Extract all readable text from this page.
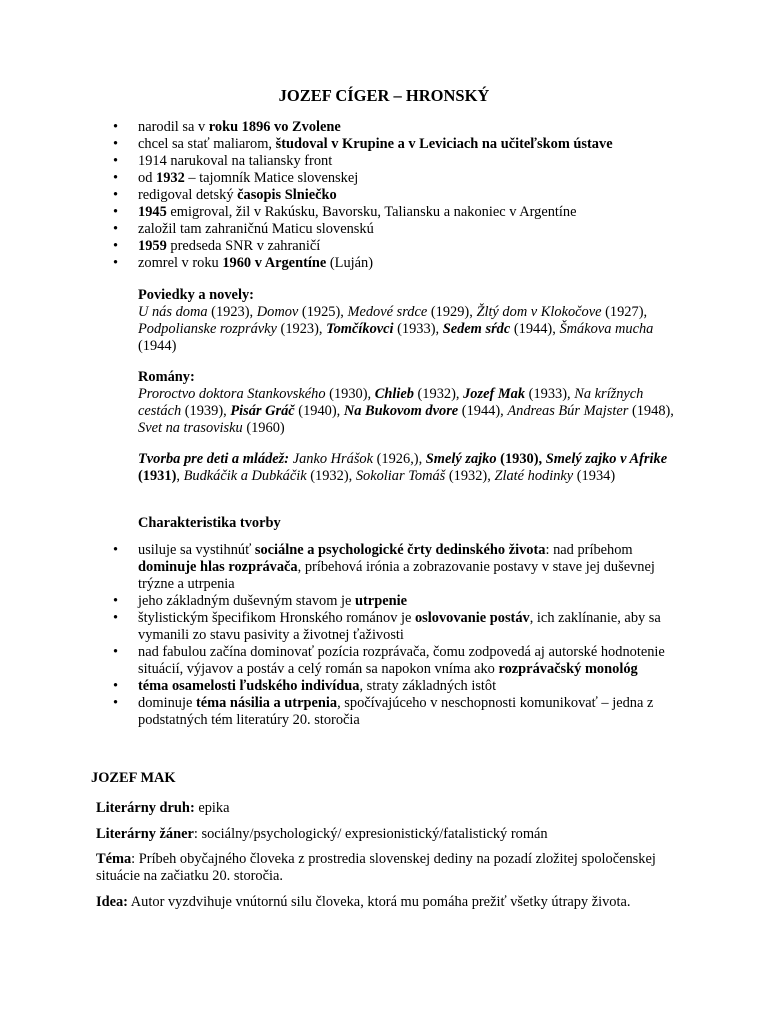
JOZEF CÍGER – HRONSKÝ
• narodil sa v roku 1896 vo Zvolene
• chcel sa stať maliarom, študoval v Krupine a v Leviciach na učiteľskom ústave
• 1914 narukoval na taliansky front
• od 1932 – tajomník Matice slovenskej
• redigoval detský časopis Slniečko
• 1945 emigroval, žil v Rakúsku, Bavorsku, Taliansku a nakoniec v Argentíne
• založil tam zahraničnú Maticu slovenskú
• 1959 predseda SNR v zahraničí
• zomrel v roku 1960 v Argentíne (Luján)
Poviedky a novely:
U nás doma (1923), Domov (1925), Medové srdce (1929), Žltý dom v Klokočove (1927), Podpolianske rozprávky (1923), Tomčíkovci (1933), Sedem sŕdc (1944), Šmákova mucha (1944)
Romány:
Proroctvo doktora Stankovského (1930), Chlieb (1932), Jozef Mak (1933), Na krížnych cestách (1939), Pisár Gráč (1940), Na Bukovom dvore (1944), Andreas Búr Majster (1948), Svet na trasovisku (1960)
Tvorba pre deti a mládež: Janko Hrášok (1926,), Smelý zajko (1930), Smelý zajko v Afrike (1931), Budkáčik a Dubkáčik (1932), Sokoliar Tomáš (1932), Zlaté hodinky (1934)
Charakteristika tvorby
• usiluje sa vystihnúť sociálne a psychologické črty dedinského života: nad príbehom dominuje hlas rozprávača, príbehová irónia a zobrazovanie postavy v stave jej duševnej trýzne a utrpenia
• jeho základným duševným stavom je utrpenie
• štylistickým špecifikom Hronského románov je oslovovanie postáv, ich zaklínanie, aby sa vymanili zo stavu pasivity a životnej ťaživosti
• nad fabulou začína dominovať pozícia rozprávača, čomu zodpovedá aj autorské hodnotenie situácií, výjavov a postáv a celý román sa napokon vníma ako rozprávačský monológ
• téma osamelosti ľudského indivídua, straty základných istôt
• dominuje téma násilia a utrpenia, spočívajúceho v neschopnosti komunikovať – jedna z podstatných tém literatúry 20. storočia
JOZEF MAK
Literárny druh: epika
Literárny žáner: sociálny/psychologický/ expresionistický/fatalistický román
Téma: Príbeh obyčajného človeka z prostredia slovenskej dediny na pozadí zložitej spoločenskej situácie na začiatku 20. storočia.
Idea: Autor vyzdvihuje vnútornú silu človeka, ktorá mu pomáha prežiť všetky útrapy života.
